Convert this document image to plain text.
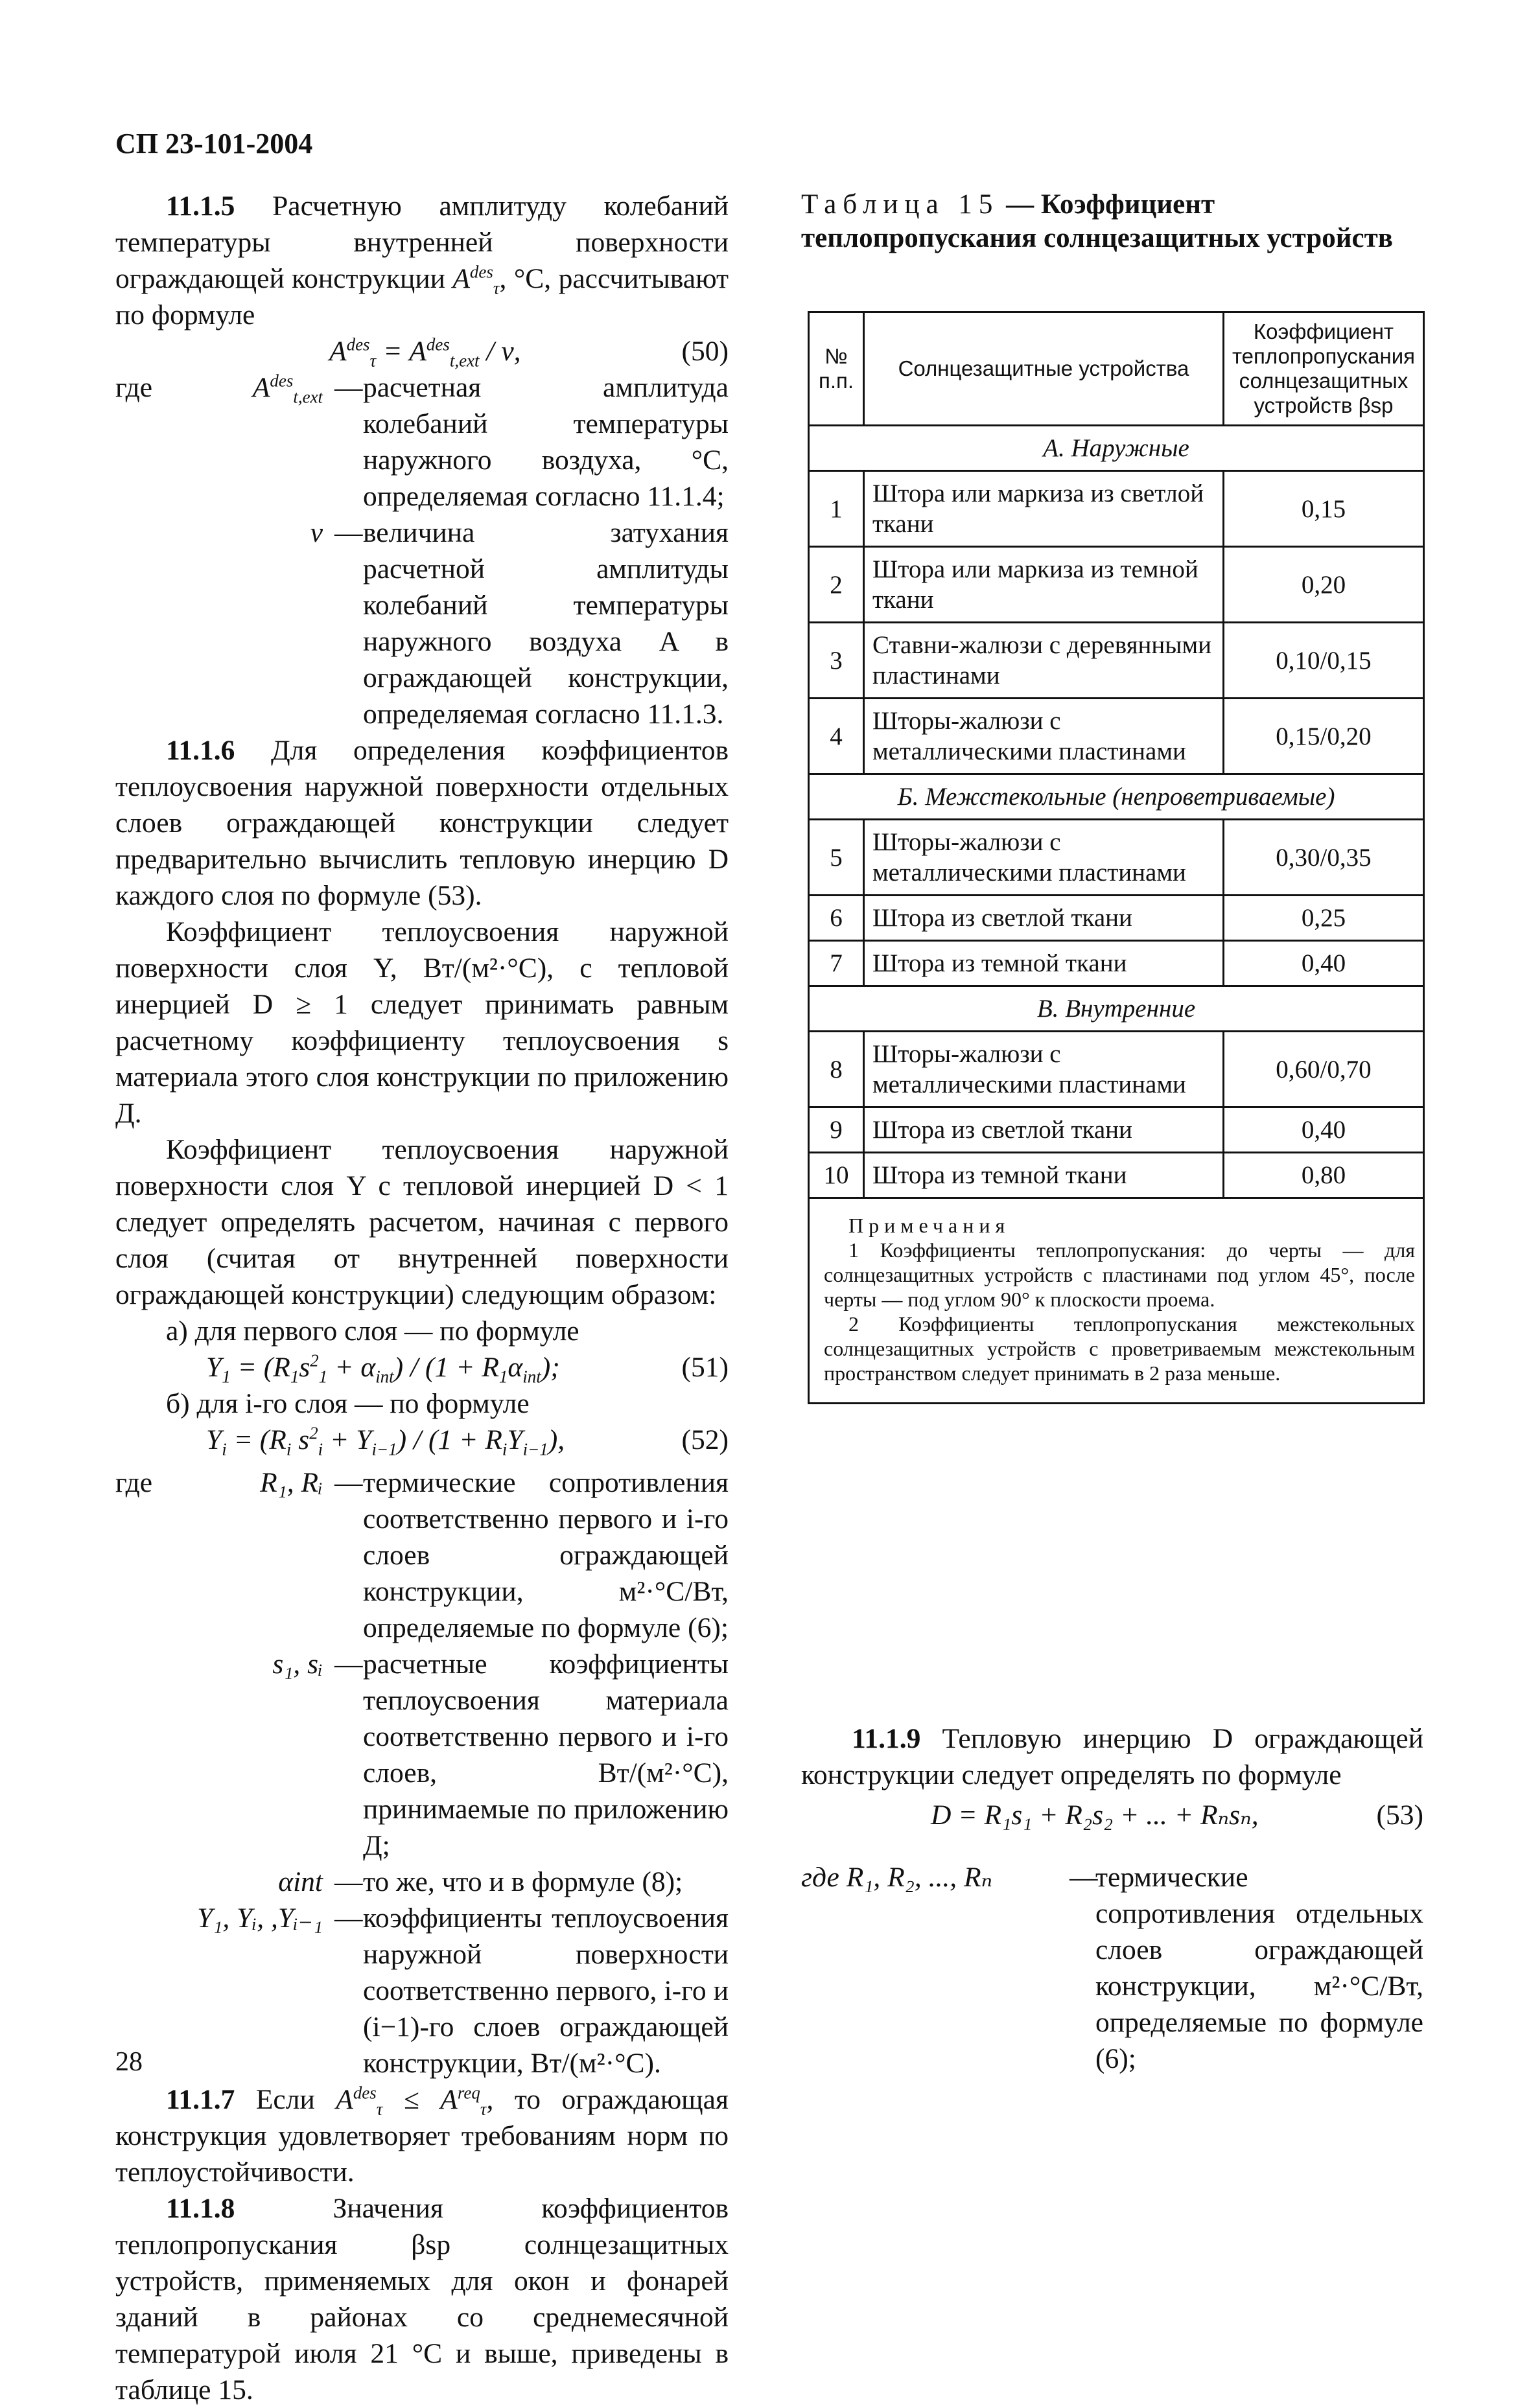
СП 23-101-2004

11.1.5 Расчетную амплитуду колебаний температуры внутренней поверхности ограждающей конструкции $A^{des}_\tau$, °С, рассчитывают по формуле

$A^{des}_\tau = A^{des}_{t,ext} / \nu$,	(50)
где	$A^{des}_{t,ext}$ — расчетная амплитуда колебаний температуры наружного воздуха, °С, определяемая согласно 11.1.4;
ν — величина затухания расчетной амплитуды колебаний температуры наружного воздуха A в ограждающей конструкции, определяемая согласно 11.1.3.

11.1.6 Для определения коэффициентов теплоусвоения наружной поверхности отдельных слоев ограждающей конструкции следует предварительно вычислить тепловую инерцию D каждого слоя по формуле (53).

Коэффициент теплоусвоения наружной поверхности слоя Y, Вт/(м²·°С), с тепловой инерцией D ≥ 1 следует принимать равным расчетному коэффициенту теплоусвоения s материала этого слоя конструкции по приложению Д.

Коэффициент теплоусвоения наружной поверхности слоя Y с тепловой инерцией D < 1 следует определять расчетом, начиная с первого слоя (считая от внутренней поверхности ограждающей конструкции) следующим образом:

а) для первого слоя — по формуле

$Y_1 = (R_1s^2_1 + \alpha_{int}) / (1 + R_1\alpha_{int})$;	(51)

б) для i-го слоя — по формуле

$Y_i = (R_i$ $s^2_i + Y_{i-1}) / (1 + R_iY_{i-1})$,	(52)
где	R₁, Rᵢ — термические сопротивления соответственно первого и i-го слоев ограждающей конструкции, м²·°С/Вт, определяемые по формуле (6);
s₁, sᵢ — расчетные коэффициенты теплоусвоения материала соответственно первого и i-го слоев, Вт/(м²·°С), принимаемые по приложению Д;
αint — то же, что и в формуле (8);
Y₁, Yᵢ, ,Yᵢ₋₁ — коэффициенты теплоусвоения наружной поверхности соответственно первого, i-го и (i−1)-го слоев ограждающей конструкции, Вт/(м²·°С).

11.1.7 Если $A^{des}_\tau \le A^{req}_\tau$, то ограждающая конструкция удовлетворяет требованиям норм по теплоустойчивости.

11.1.8	Значения коэффициентов теплопропускания βsp солнцезащитных устройств, применяемых для окон и фонарей зданий в районах со среднемесячной температурой июля 21 °С и выше, приведены в таблице 15.

28
Таблица 15 — Коэффициент теплопропускания солнцезащитных устройств
№ п.п.	Солнцезащитные устройства	Коэффициент теплопропускания солнцезащитных устройств βsp
А. Наружные		
1	Штора или маркиза из светлой ткани	0,15
2	Штора или маркиза из темной ткани	0,20
3	Ставни-жалюзи с деревянными пластинами	0,10/0,15
4	Шторы-жалюзи с металлическими пластинами	0,15/0,20
Б. Межстекольные (непроветриваемые)		
5	Шторы-жалюзи с металлическими пластинами	0,30/0,35
6	Штора из светлой ткани	0,25
7	Штора из темной ткани	0,40
В. Внутренние		
8	Шторы-жалюзи с металлическими пластинами	0,60/0,70
9	Штора из светлой ткани	0,40
10	Штора из темной ткани	0,80

Примечания
1 Коэффициенты теплопропускания: до черты — для солнцезащитных устройств с пластинами под углом 45°, после черты — под углом 90° к плоскости проема.
2 Коэффициенты теплопропускания межстекольных солнцезащитных устройств с проветриваемым межстекольным пространством следует принимать в 2 раза меньше.		

11.1.9 Тепловую инерцию D ограждающей конструкции следует определять по формуле

D = R₁s₁ + R₂s₂ + ... + Rₙsₙ,	(53)
где R₁, R₂, ..., Rₙ	—
термические сопротивления отдельных слоев ограждающей конструкции, м²·°С/Вт, определяемые по формуле (6);
